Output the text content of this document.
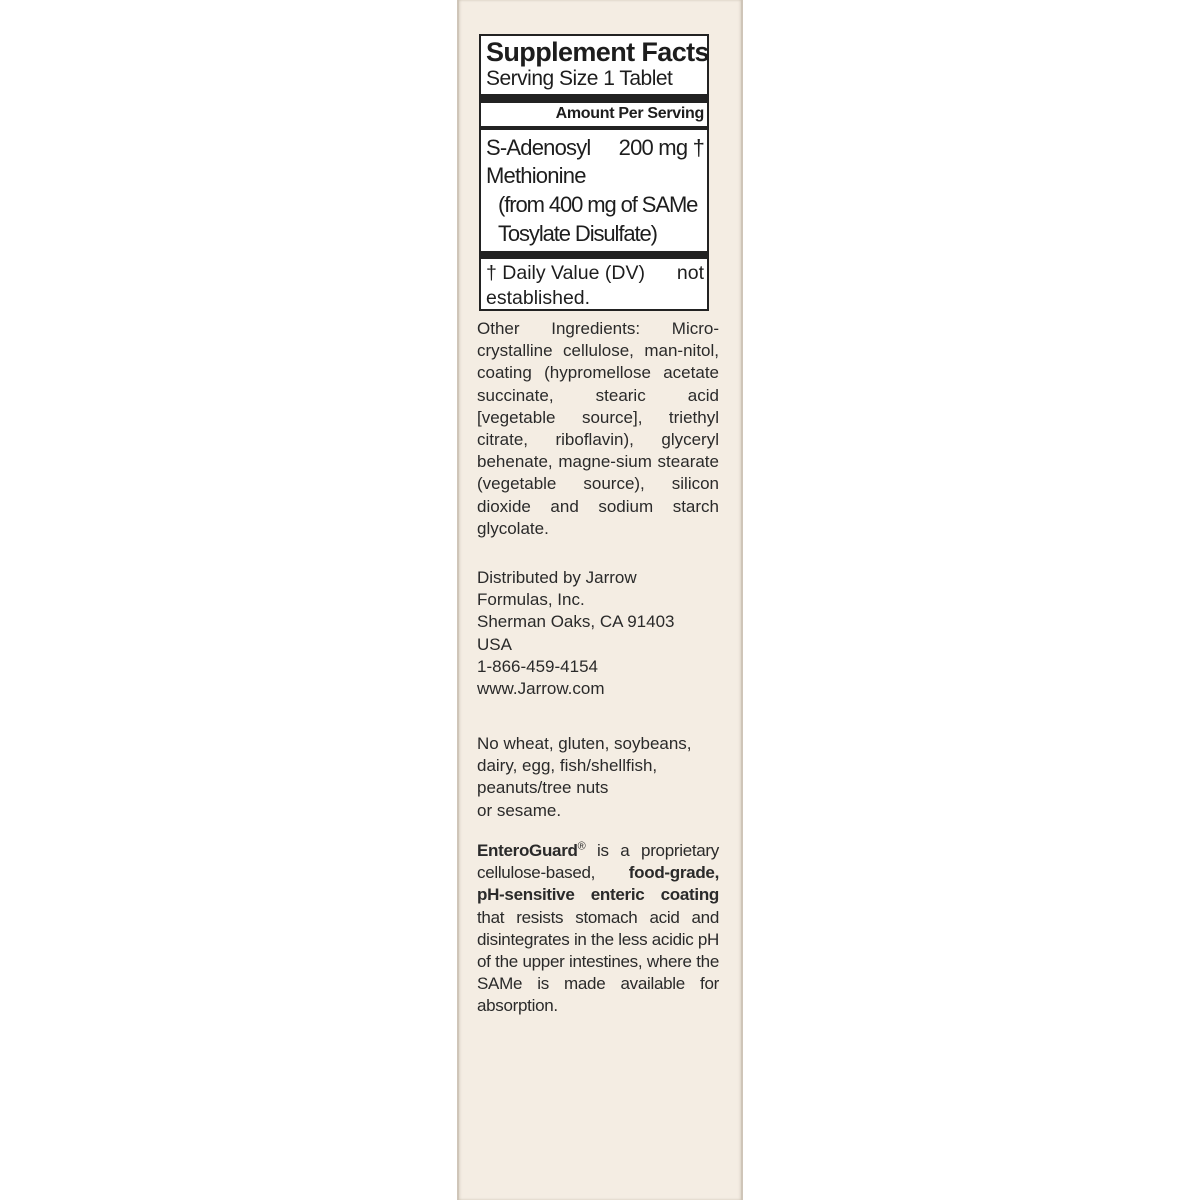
Supplement Facts
Serving Size 1 Tablet
Amount Per Serving
S-Adenosyl 200 mg †
Methionine
(from 400 mg of SAMe
Tosylate Disulfate)
† Daily Value (DV) not
established.
Other Ingredients: Micro-crystalline cellulose, man-nitol, coating (hypromellose acetate succinate, stearic acid [vegetable source], triethyl citrate, riboflavin), glyceryl behenate, magne-sium stearate (vegetable source), silicon dioxide and sodium starch glycolate.
Distributed by Jarrow
Formulas, Inc.
Sherman Oaks, CA 91403
USA
1-866-459-4154
www.Jarrow.com
No wheat, gluten, soybeans,
dairy, egg, fish/shellfish,
peanuts/tree nuts
or sesame.
EnteroGuard® is a proprietary cellulose-based, food-grade, pH-sensitive enteric coating that resists stomach acid and disintegrates in the less acidic pH of the upper intestines, where the SAMe is made available for absorption.
